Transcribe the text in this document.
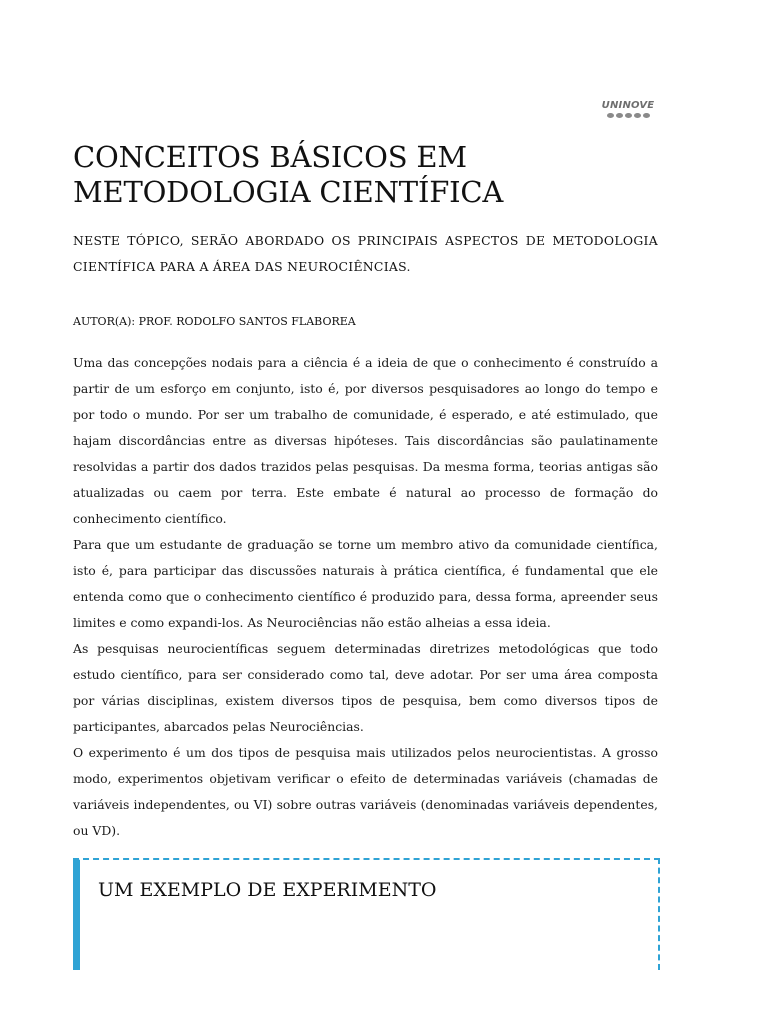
UNINOVE
CONCEITOS BÁSICOS EM
METODOLOGIA CIENTÍFICA

NESTE TÓPICO, SERÃO ABORDADO OS PRINCIPAIS ASPECTOS DE METODOLOGIA CIENTÍFICA PARA A ÁREA DAS NEUROCIÊNCIAS.

AUTOR(A): PROF. RODOLFO SANTOS FLABOREA

Uma das concepções nodais para a ciência é a ideia de que o conhecimento é construído a partir de um esforço em conjunto, isto é, por diversos pesquisadores ao longo do tempo e por todo o mundo. Por ser um trabalho de comunidade, é esperado, e até estimulado, que hajam discordâncias entre as diversas hipóteses. Tais discordâncias são paulatinamente resolvidas a partir dos dados trazidos pelas pesquisas. Da mesma forma, teorias antigas são atualizadas ou caem por terra. Este embate é natural ao processo de formação do conhecimento científico.

Para que um estudante de graduação se torne um membro ativo da comunidade científica, isto é, para participar das discussões naturais à prática científica, é fundamental que ele entenda como que o conhecimento científico é produzido para, dessa forma, apreender seus limites e como expandi-los. As Neurociências não estão alheias a essa ideia.

As pesquisas neurocientíficas seguem determinadas diretrizes metodológicas que todo estudo científico, para ser considerado como tal, deve adotar. Por ser uma área composta por várias disciplinas, existem diversos tipos de pesquisa, bem como diversos tipos de participantes, abarcados pelas Neurociências.

O experimento é um dos tipos de pesquisa mais utilizados pelos neurocientistas. A grosso modo, experimentos objetivam verificar o efeito de determinadas variáveis (chamadas de variáveis independentes, ou VI) sobre outras variáveis (denominadas variáveis dependentes, ou VD).

UM EXEMPLO DE EXPERIMENTO
